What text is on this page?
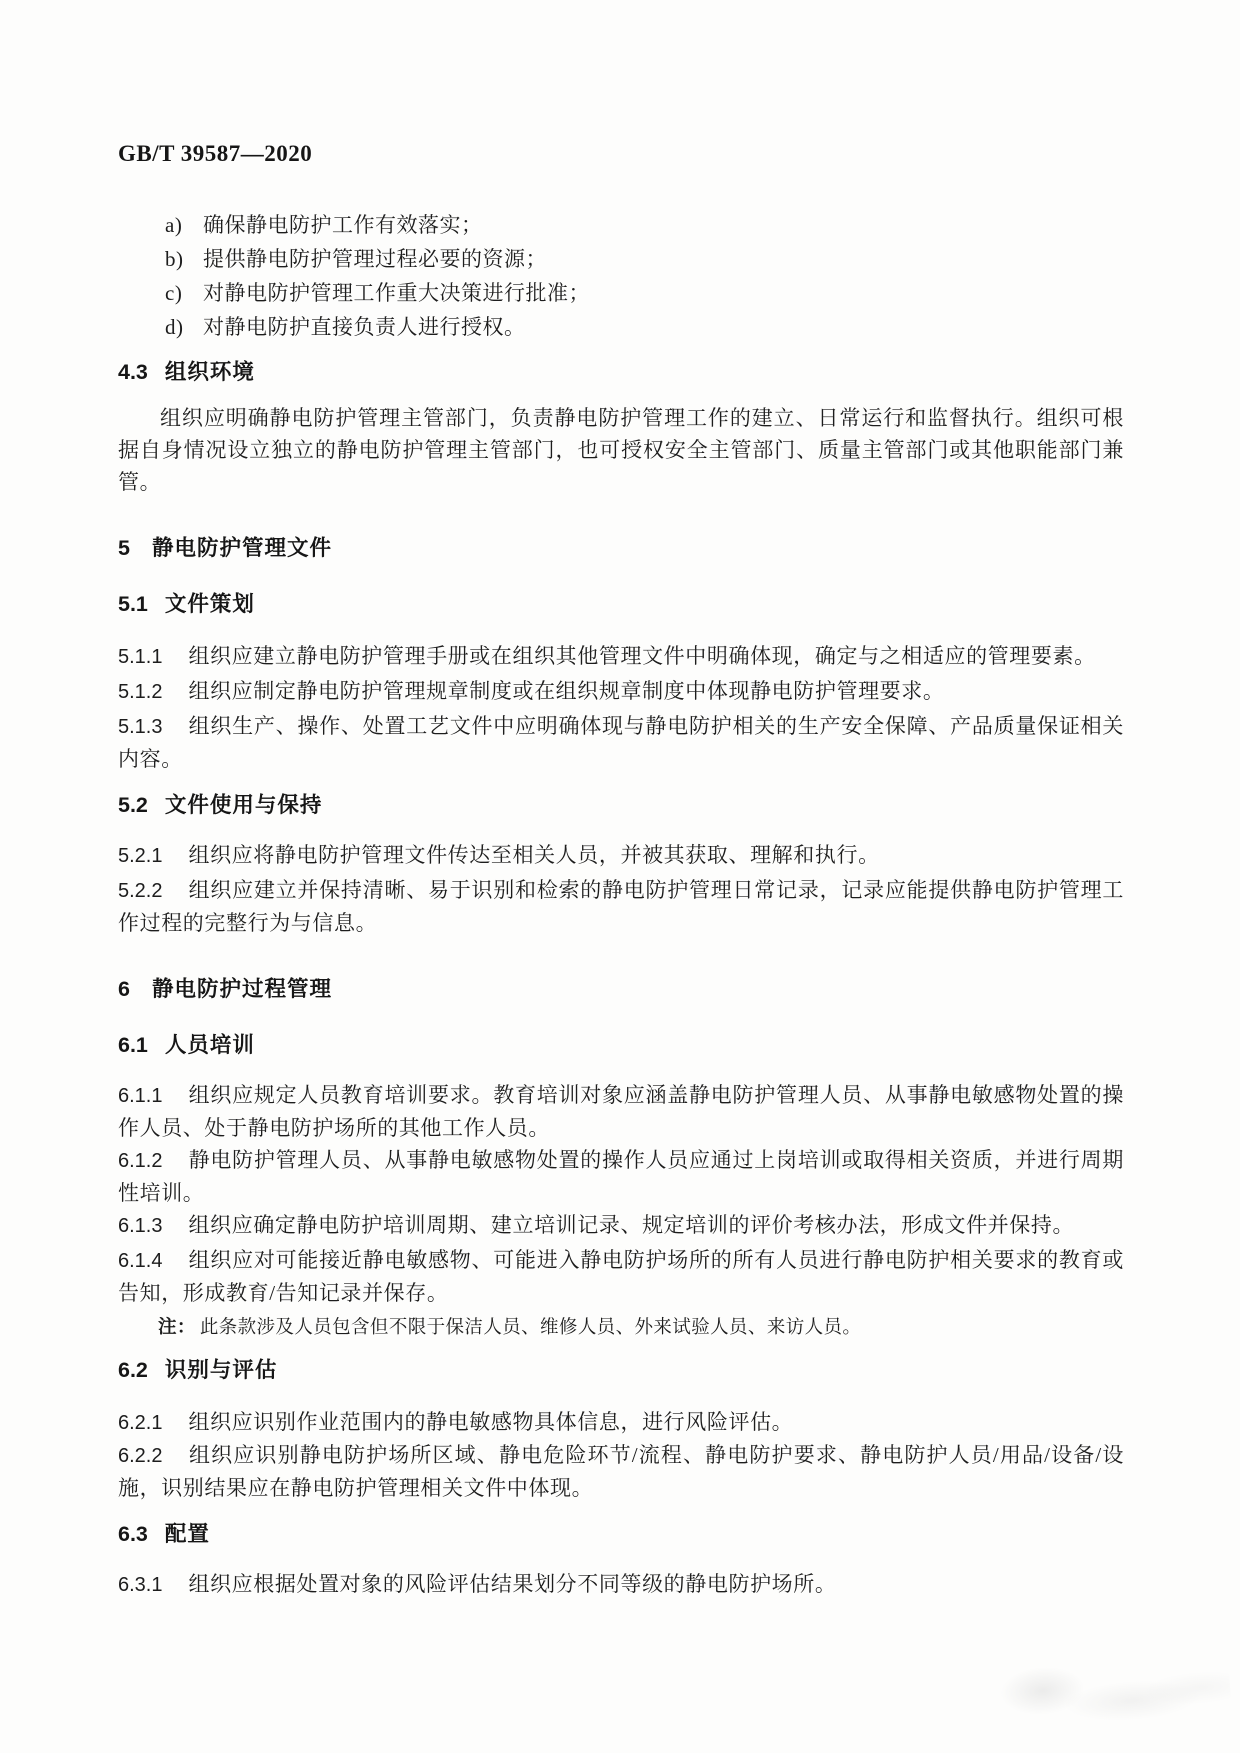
GB/T 39587—2020
a) 确保静电防护工作有效落实；
b) 提供静电防护管理过程必要的资源；
c) 对静电防护管理工作重大决策进行批准；
d) 对静电防护直接负责人进行授权。
4.3 组织环境

组织应明确静电防护管理主管部门，负责静电防护管理工作的建立、日常运行和监督执行。组织可根据自身情况设立独立的静电防护管理主管部门，也可授权安全主管部门、质量主管部门或其他职能部门兼管。

5 静电防护管理文件
5.1 文件策划

5.1.1 组织应建立静电防护管理手册或在组织其他管理文件中明确体现，确定与之相适应的管理要素。

5.1.2 组织应制定静电防护管理规章制度或在组织规章制度中体现静电防护管理要求。

5.1.3 组织生产、操作、处置工艺文件中应明确体现与静电防护相关的生产安全保障、产品质量保证相关内容。

5.2 文件使用与保持

5.2.1 组织应将静电防护管理文件传达至相关人员，并被其获取、理解和执行。

5.2.2 组织应建立并保持清晰、易于识别和检索的静电防护管理日常记录，记录应能提供静电防护管理工作过程的完整行为与信息。

6 静电防护过程管理
6.1 人员培训

6.1.1 组织应规定人员教育培训要求。教育培训对象应涵盖静电防护管理人员、从事静电敏感物处置的操作人员、处于静电防护场所的其他工作人员。

6.1.2 静电防护管理人员、从事静电敏感物处置的操作人员应通过上岗培训或取得相关资质，并进行周期性培训。

6.1.3 组织应确定静电防护培训周期、建立培训记录、规定培训的评价考核办法，形成文件并保持。

6.1.4 组织应对可能接近静电敏感物、可能进入静电防护场所的所有人员进行静电防护相关要求的教育或告知，形成教育/告知记录并保存。

注： 此条款涉及人员包含但不限于保洁人员、维修人员、外来试验人员、来访人员。

6.2 识别与评估

6.2.1 组织应识别作业范围内的静电敏感物具体信息，进行风险评估。

6.2.2 组织应识别静电防护场所区域、静电危险环节/流程、静电防护要求、静电防护人员/用品/设备/设施，识别结果应在静电防护管理相关文件中体现。

6.3 配置

6.3.1 组织应根据处置对象的风险评估结果划分不同等级的静电防护场所。
